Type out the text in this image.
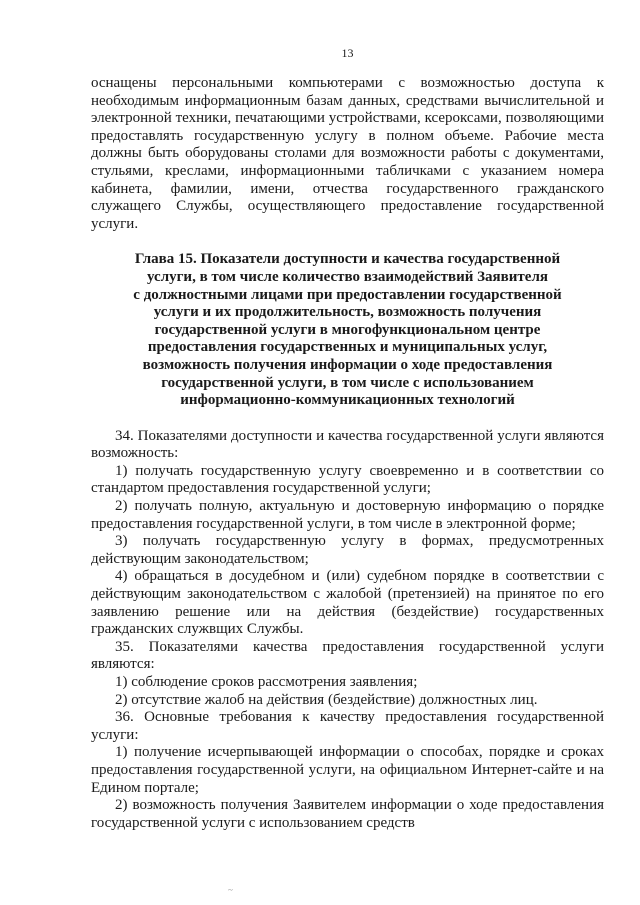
13

оснащены персональными компьютерами с возможностью доступа к необходимым информационным базам данных, средствами вычислительной и электронной техники, печатающими устройствами, ксероксами, позволяющими предоставлять государственную услугу в полном объеме. Рабочие места должны быть оборудованы столами для возможности работы с документами, стульями, креслами, информационными табличками с указанием номера кабинета, фамилии, имени, отчества государственного гражданского служащего Службы, осуществляющего предоставление государственной услуги.

Глава 15. Показатели доступности и качества государственной
услуги, в том числе количество взаимодействий Заявителя
с должностными лицами при предоставлении государственной
услуги и их продолжительность, возможность получения
государственной услуги в многофункциональном центре
предоставления государственных и муниципальных услуг,
возможность получения информации о ходе предоставления
государственной услуги, в том числе с использованием
информационно-коммуникационных технологий

34. Показателями доступности и качества государственной услуги являются возможность:

1) получать государственную услугу своевременно и в соответствии со стандартом предоставления государственной услуги;

2) получать полную, актуальную и достоверную информацию о порядке предоставления государственной услуги, в том числе в электронной форме;

3) получать государственную услугу в формах, предусмотренных действующим законодательством;

4) обращаться в досудебном и (или) судебном порядке в соответствии с действующим законодательством с жалобой (претензией) на принятое по его заявлению решение или на действия (бездействие) государственных гражданских служвщих Службы.

35. Показателями качества предоставления государственной услуги являются:

1) соблюдение сроков рассмотрения заявления;

2) отсутствие жалоб на действия (бездействие) должностных лиц.

36. Основные требования к качеству предоставления государственной услуги:

1) получение исчерпывающей информации о способах, порядке и сроках предоставления государственной услуги, на официальном Интернет-сайте и на Едином портале;

2) возможность получения Заявителем информации о ходе предоставления государственной услуги с использованием средств

~
